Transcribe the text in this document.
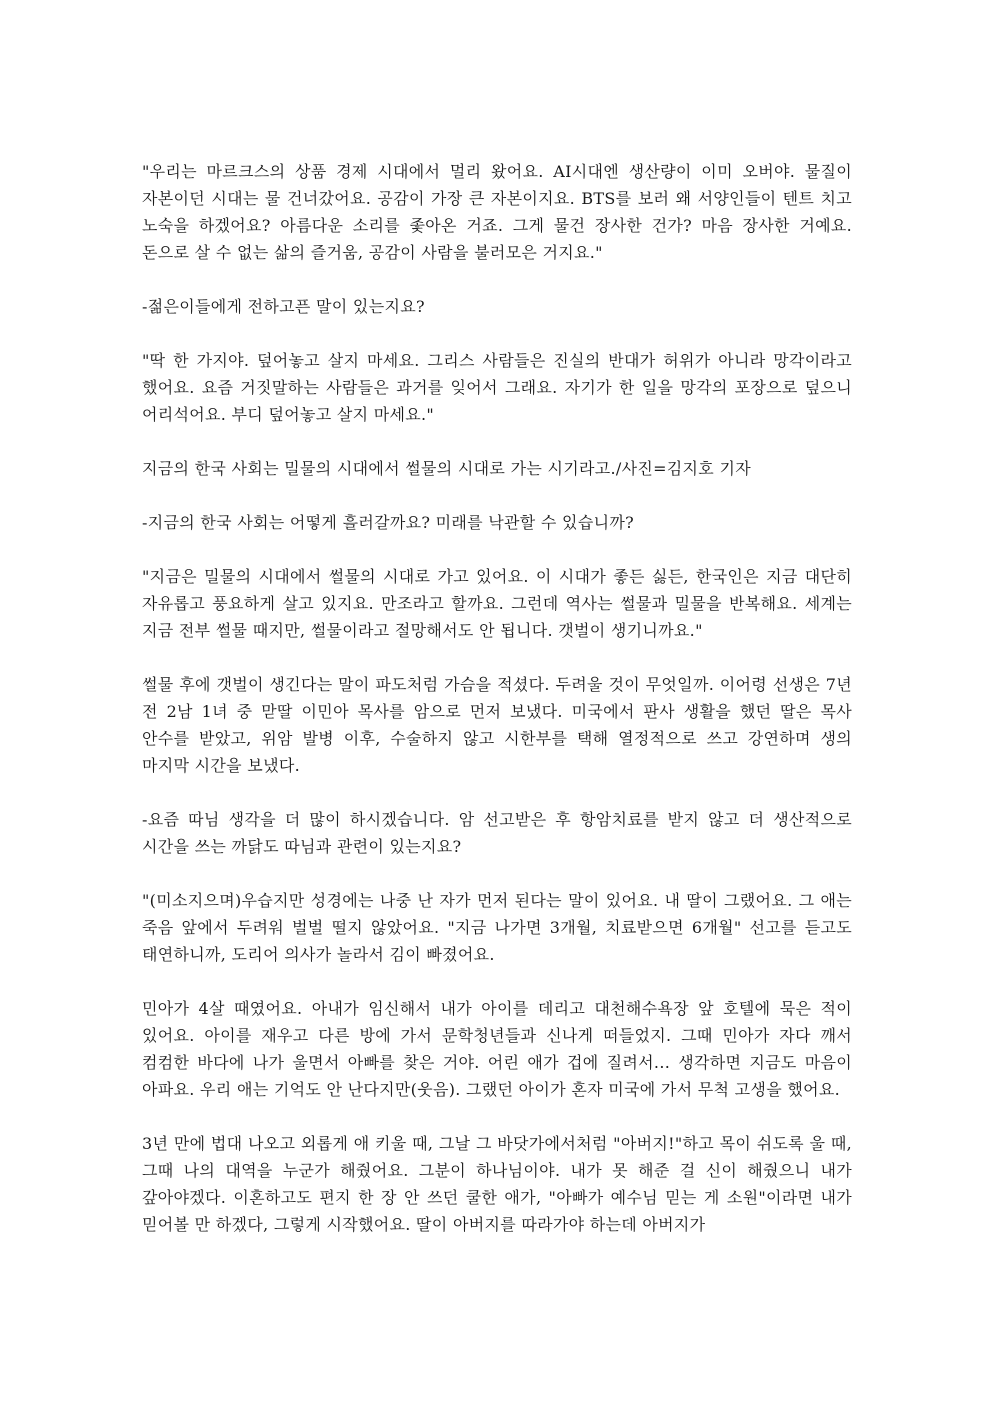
"우리는 마르크스의 상품 경제 시대에서 멀리 왔어요. AI시대엔 생산량이 이미 오버야. 물질이 자본이던 시대는 물 건너갔어요. 공감이 가장 큰 자본이지요. BTS를 보러 왜 서양인들이 텐트 치고 노숙을 하겠어요? 아름다운 소리를 좇아온 거죠. 그게 물건 장사한 건가? 마음 장사한 거예요. 돈으로 살 수 없는 삶의 즐거움, 공감이 사람을 불러모은 거지요."

-젊은이들에게 전하고픈 말이 있는지요?

"딱 한 가지야. 덮어놓고 살지 마세요. 그리스 사람들은 진실의 반대가 허위가 아니라 망각이라고 했어요. 요즘 거짓말하는 사람들은 과거를 잊어서 그래요. 자기가 한 일을 망각의 포장으로 덮으니 어리석어요. 부디 덮어놓고 살지 마세요."

지금의 한국 사회는 밀물의 시대에서 썰물의 시대로 가는 시기라고./사진=김지호 기자

-지금의 한국 사회는 어떻게 흘러갈까요? 미래를 낙관할 수 있습니까?

"지금은 밀물의 시대에서 썰물의 시대로 가고 있어요. 이 시대가 좋든 싫든, 한국인은 지금 대단히 자유롭고 풍요하게 살고 있지요. 만조라고 할까요. 그런데 역사는 썰물과 밀물을 반복해요. 세계는 지금 전부 썰물 때지만, 썰물이라고 절망해서도 안 됩니다. 갯벌이 생기니까요."

썰물 후에 갯벌이 생긴다는 말이 파도처럼 가슴을 적셨다. 두려울 것이 무엇일까. 이어령 선생은 7년 전 2남 1녀 중 맏딸 이민아 목사를 암으로 먼저 보냈다. 미국에서 판사 생활을 했던 딸은 목사 안수를 받았고, 위암 발병 이후, 수술하지 않고 시한부를 택해 열정적으로 쓰고 강연하며 생의 마지막 시간을 보냈다.

-요즘 따님 생각을 더 많이 하시겠습니다. 암 선고받은 후 항암치료를 받지 않고 더 생산적으로 시간을 쓰는 까닭도 따님과 관련이 있는지요?

"(미소지으며)우습지만 성경에는 나중 난 자가 먼저 된다는 말이 있어요. 내 딸이 그랬어요. 그 애는 죽음 앞에서 두려워 벌벌 떨지 않았어요. "지금 나가면 3개월, 치료받으면 6개월" 선고를 듣고도 태연하니까, 도리어 의사가 놀라서 김이 빠졌어요.

민아가 4살 때였어요. 아내가 임신해서 내가 아이를 데리고 대천해수욕장 앞 호텔에 묵은 적이 있어요. 아이를 재우고 다른 방에 가서 문학청년들과 신나게 떠들었지. 그때 민아가 자다 깨서 컴컴한 바다에 나가 울면서 아빠를 찾은 거야. 어린 애가 겁에 질려서... 생각하면 지금도 마음이 아파요. 우리 애는 기억도 안 난다지만(웃음). 그랬던 아이가 혼자 미국에 가서 무척 고생을 했어요.

3년 만에 법대 나오고 외롭게 애 키울 때, 그날 그 바닷가에서처럼 "아버지!"하고 목이 쉬도록 울 때, 그때 나의 대역을 누군가 해줬어요. 그분이 하나님이야. 내가 못 해준 걸 신이 해줬으니 내가 갚아야겠다. 이혼하고도 편지 한 장 안 쓰던 쿨한 애가, "아빠가 예수님 믿는 게 소원"이라면 내가 믿어볼 만 하겠다, 그렇게 시작했어요. 딸이 아버지를 따라가야 하는데 아버지가
